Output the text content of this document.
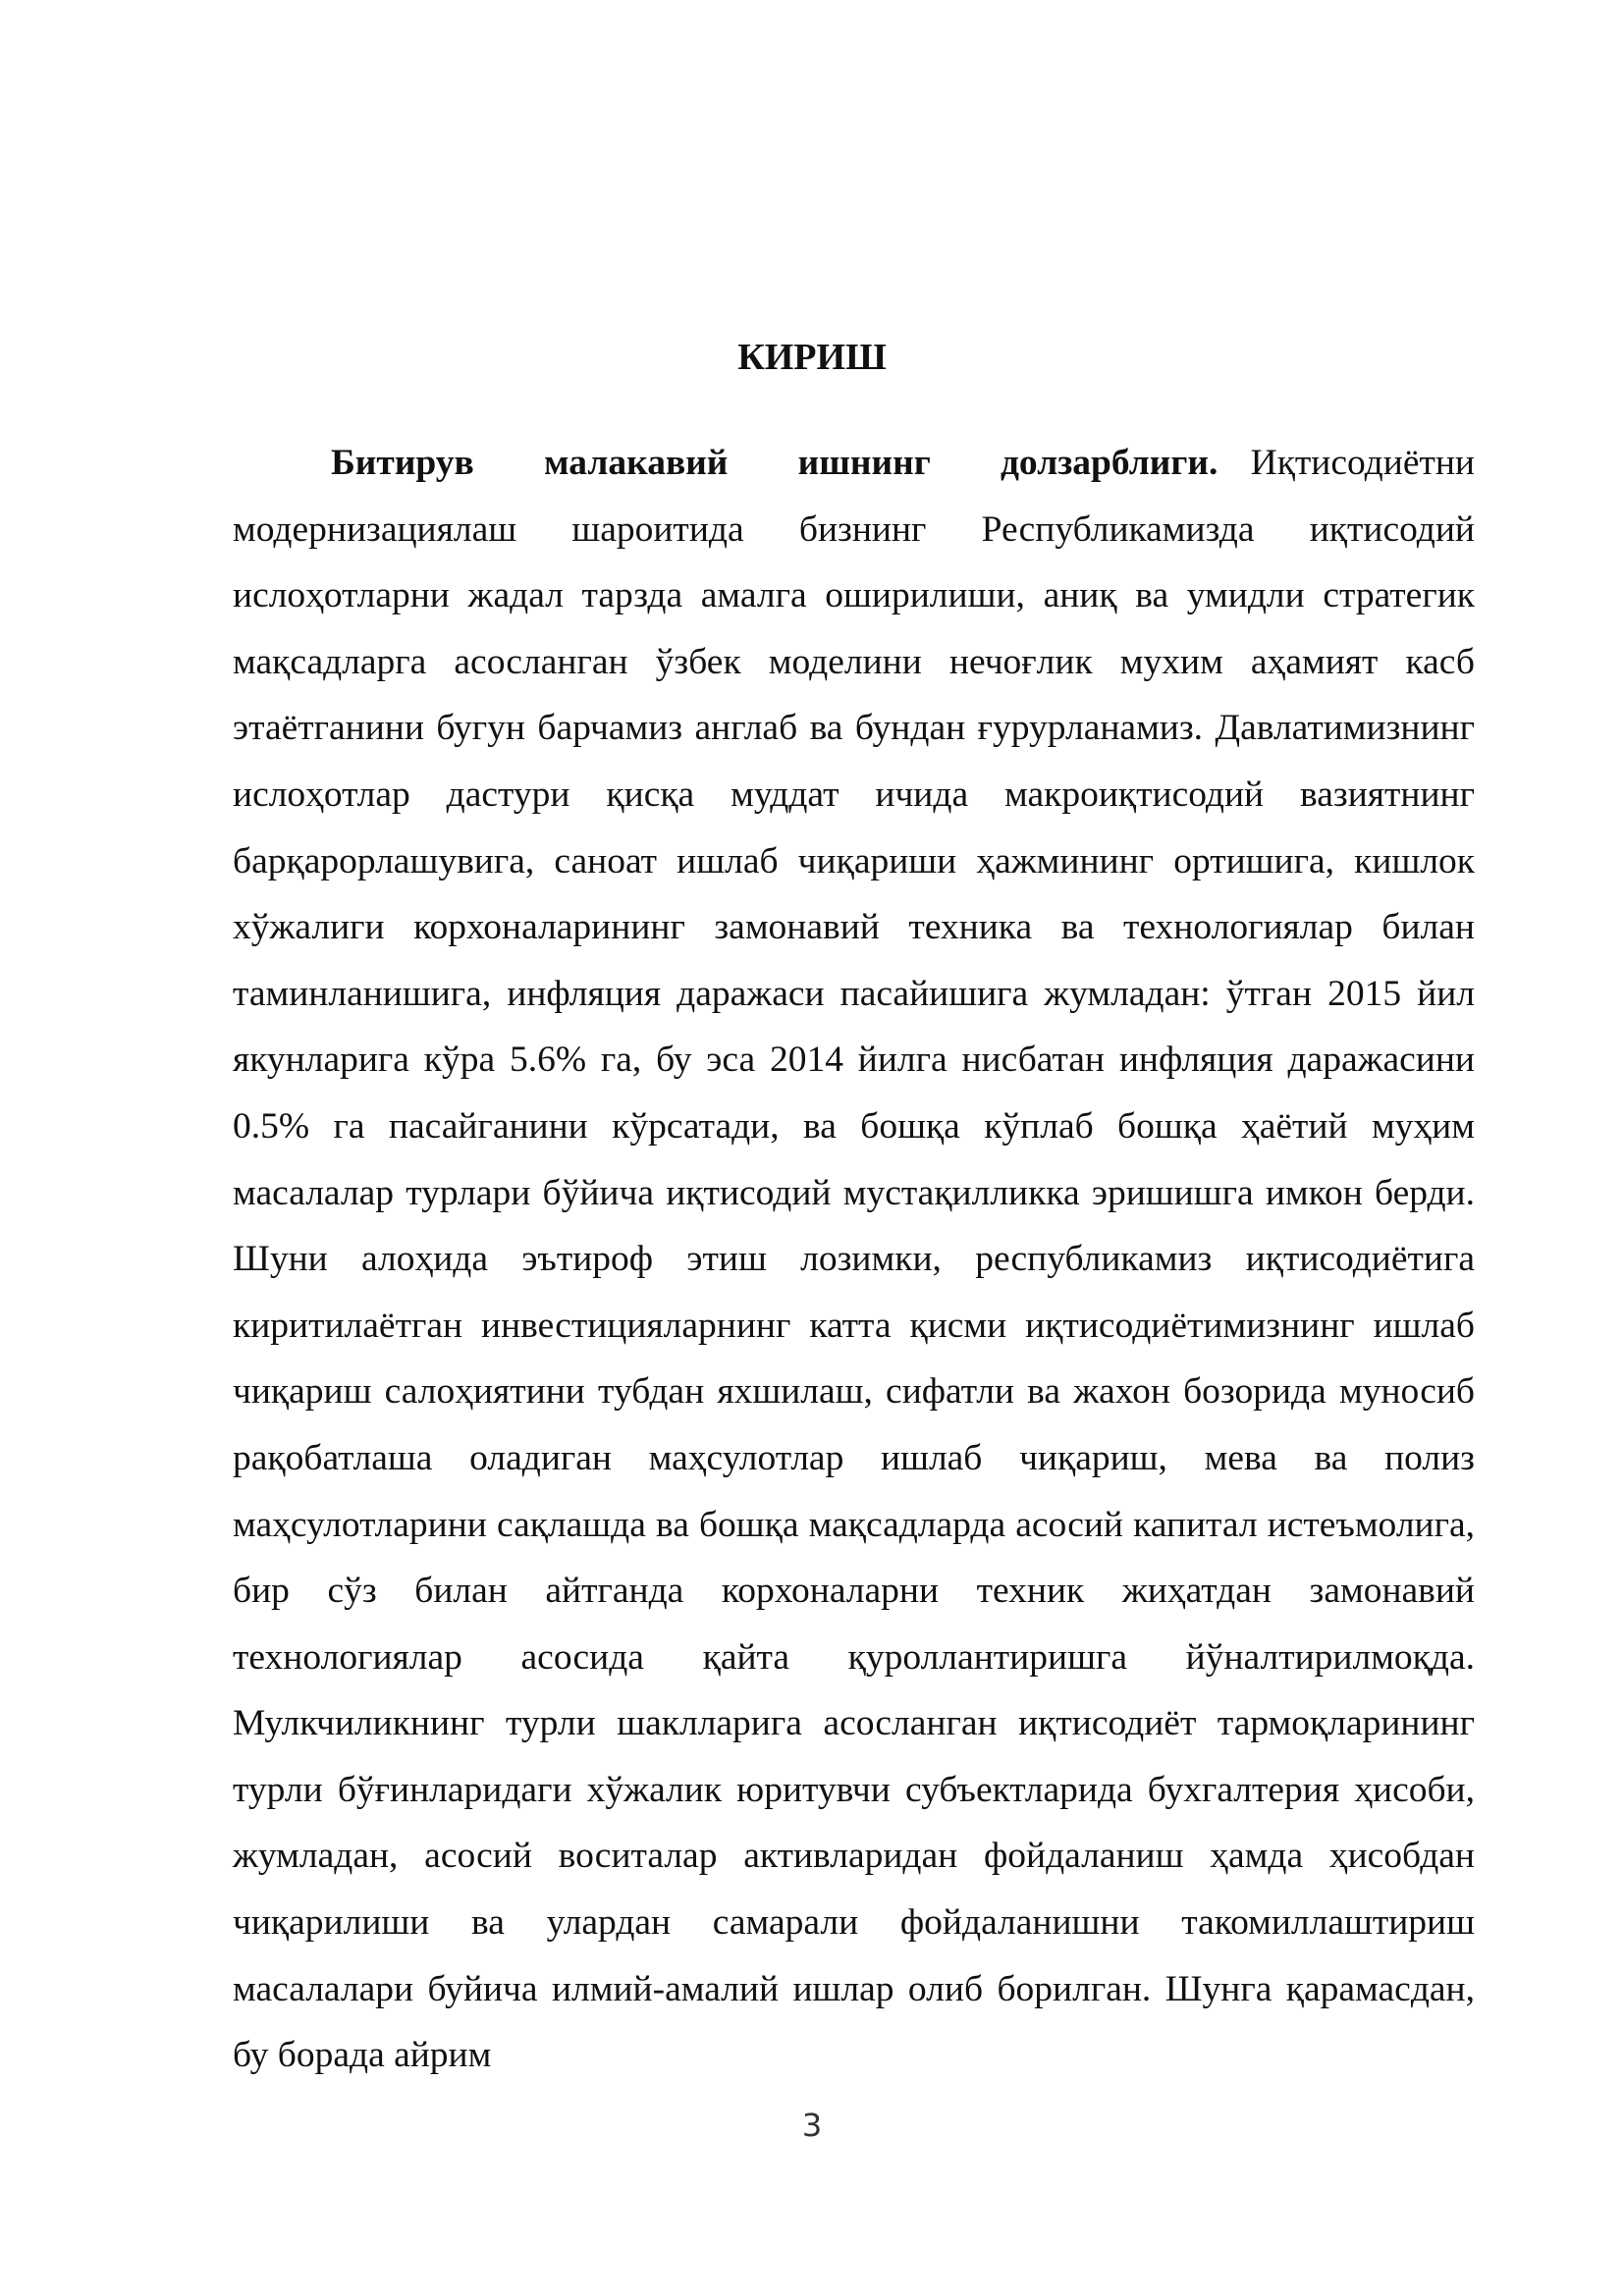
КИРИШ

Битирув малакавий ишнинг долзарблиги. Иқтисодиётни модернизациялаш шароитида бизнинг Республикамизда иқтисодий ислоҳотларни жадал тарзда амалга оширилиши, аниқ ва умидли стратегик мақсадларга асосланган ўзбек моделини нечоғлик мухим аҳамият касб этаётганини бугун барчамиз англаб ва бундан ғурурланамиз. Давлатимизнинг ислоҳотлар дастури қисқа муддат ичида макроиқтисодий вазиятнинг барқарорлашувига, саноат ишлаб чиқариши ҳажмининг ортишига, кишлок хўжалиги корхоналарининг замонавий техника ва технологиялар билан таминланишига, инфляция даражаси пасайишига жумладан: ўтган 2015 йил якунларига кўра 5.6% га, бу эса 2014 йилга нисбатан инфляция даражасини 0.5% га пасайганини кўрсатади, ва бошқа кўплаб бошқа ҳаётий муҳим масалалар турлари бўйича иқтисодий мустақилликка эришишга имкон берди. Шуни алоҳида эътироф этиш лозимки, республикамиз иқтисодиётига киритилаётган инвестицияларнинг катта қисми иқтисодиётимизнинг ишлаб чиқариш салоҳиятини тубдан яхшилаш, сифатли ва жахон бозорида муносиб рақобатлаша оладиган маҳсулотлар ишлаб чиқариш, мева ва полиз маҳсулотларини сақлашда ва бошқа мақсадларда асосий капитал истеъмолига, бир сўз билан айтганда корхоналарни техник жиҳатдан замонавий технологиялар асосида қайта қуроллантиришга йўналтирилмоқда. Мулкчиликнинг турли шаклларига асосланган иқтисодиёт тармоқларининг турли бўғинларидаги хўжалик юритувчи субъектларида бухгалтерия ҳисоби, жумладан, асосий воситалар активларидан фойдаланиш ҳамда ҳисобдан чиқарилиши ва улардан самарали фойдаланишни такомиллаштириш масалалари буйича илмий-амалий ишлар олиб борилган. Шунга қарамасдан, бу борада айрим

3
